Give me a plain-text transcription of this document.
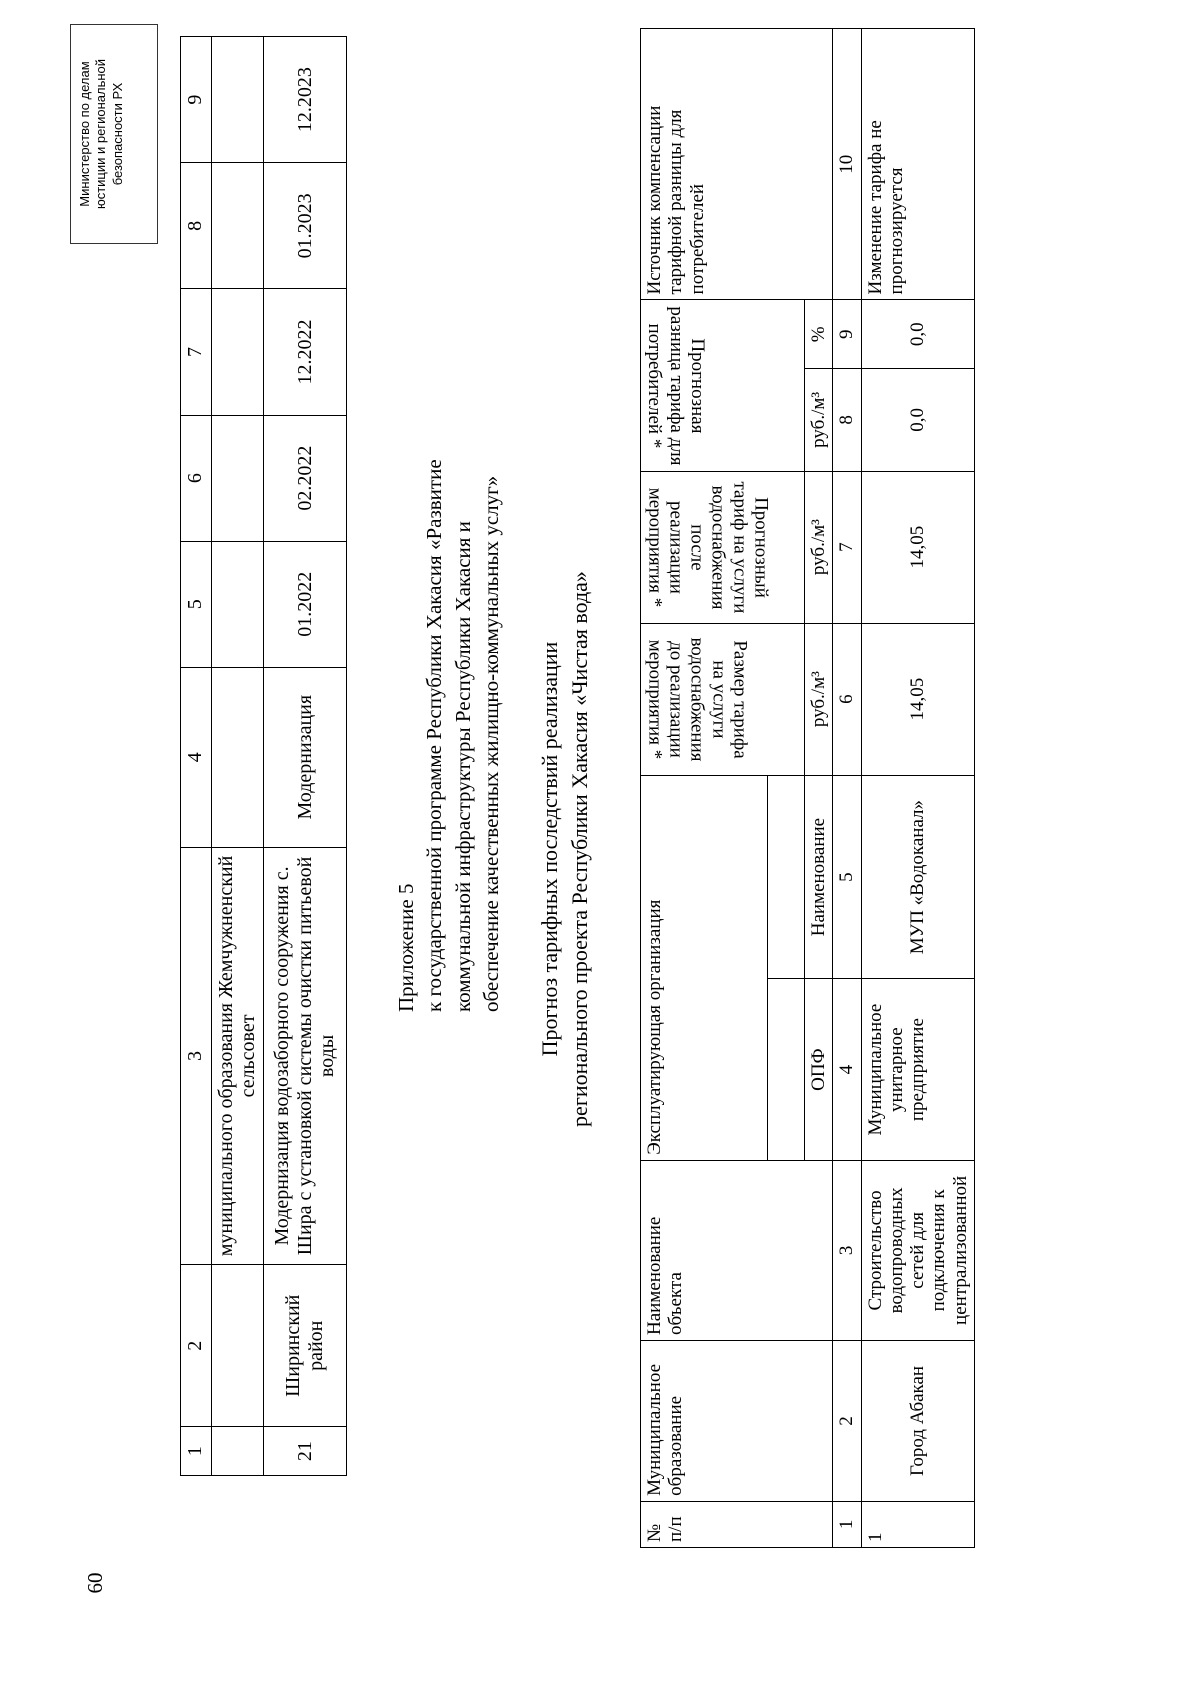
60
1	2	3	4	5	6	7	8	9
		муниципального образования Жемчужненский сельсовет						
21	Ширинский район	Модернизация водозаборного сооружения с. Шира с установкой системы очистки питьевой воды	Модернизация	01.2022	02.2022	12.2022	01.2023	12.2023
Приложение 5 к государственной программе Республики Хакасия «Развитие коммунальной инфраструктуры Республики Хакасия и обеспечение качественных жилищно-коммунальных услуг» Прогноз тарифных последствий реализации регионального проекта Республики Хакасия «Чистая вода»
№ п/п	Муниципальное образование	Наименование объекта	Эксплуатирующая организация		Размер тарифа на услуги водоснабжения до реализации мероприятия *	Прогнозный тариф на услуги водоснабжения после реализации мероприятия *	Прогнозная разница тарифа для потребителей *		Источник компенсации тарифной разницы для потребителей

			ОПФ	Наименование	руб./м³	руб./м³	руб./м³	%	
1	2	3	4	5	6	7	8	9	10
1	Город Абакан	Строительство водопроводных сетей для подключения к централизованной	Муниципальное унитарное предприятие	МУП «Водоканал»	14,05	14,05	0,0	0,0	Изменение тарифа не прогнозируется
Министерство по делам юстиции и региональной безопасности РХ
